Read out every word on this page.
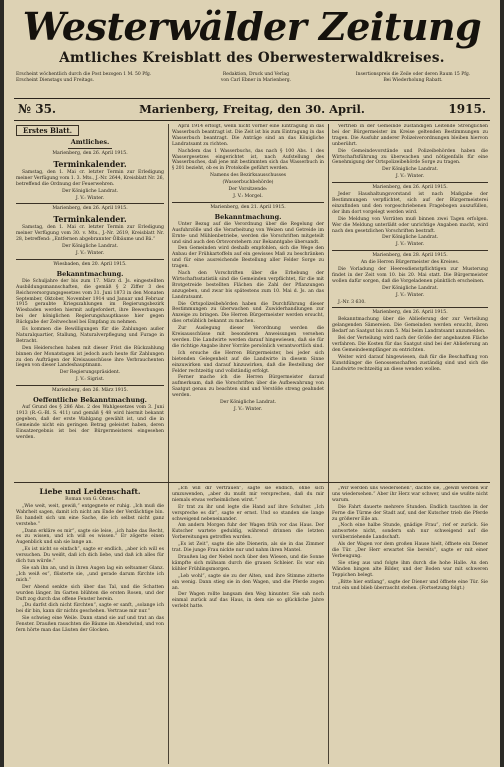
Westerwälder Zeitung
Amtliches Kreisblatt des Oberwesterwaldkreises.
Erscheint wöchentlich durch die Post bezogen 1 M. 50 Pfg.
Erscheint Dienstags und Freitags.
Redaktion, Druck und Verlag
von Carl Ebner in Marienberg.
Insertionspreis die Zeile oder deren Raum 15 Pfg.
Bei Wiederholung Rabatt.
№ 35.	Marienberg, Freitag, den 30. April.	1915.
Erstes Blatt.
Amtliches.

Marienberg, den 26. April 1915.

Terminkalender.

Samstag, den 1. Mai cr. letzter Termin zur Erledigung meiner Verfügung vom 1. 3. Mts., J.-Nr. 2644, Kreisblatt Nr. 26, betreffend die Ordnung der Feuerwehren.

Der Königliche Landrat.

J. V.: Winter.

Marienberg, den 26. April 1915.

Terminkalender.

Samstag, den 1. Mai cr. letzter Termin zur Erledigung meiner Verfügung vom 30. v. Mts., J.-Nr. 2619, Kreisblatt Nr. 28, betreffend: „Entfernen abgebrannter Ölbäume und Bä.“

Der Königliche Landrat.

J. V.: Winter.

Wiesbaden, den 20. April 1915.

Bekanntmachung.

Die Schuljahre der bis zum 17. März d. Js. eingestellten Ausbildungsmannschaften, die gemäß § 2 Ziffer 3 des Reichsversorgungsgesetzes vom 31. Juni 1873 in den Monaten September, Oktober, November 1914 und Januar und Februar 1915 geraubte Kriegszahlungen im Regierungsbezirk Wiesbaden werden hiermit aufgefordert, ihre Bewerbungen bei der königlichen Regierungshauptkasse hier gegen Rückgabe der Zeitwechsel bei Empfang zu nehmen.

Es kommen die Bewilligungen für die Zahlungen außer Naturalquartier, Stallung, Naturalverpflegung und Furage in Betracht.

Den Heiderschen haben mit dieser Frist die Rückzahlung binnen der Monatstagen ist jedoch auch heute für Zahlungen zu den Aufträgen der Kreisausschüsse ihre Verbrauchenten liegen von dieser Landeshauptmann.

Der Regierungspräsident.

J. V.: Sigrist.

Marienberg, den 26. März 1915.

Oeffentliche Bekanntmachung.

Auf Grund des § 286 Abs. 2 des Wahlgesetzes vom 3. Juni 1913 (R.-G.-Bl. S. 411) und gemäß § 48 wird hiermit bekannt gegeben, daß der erste Wahlgang gewählt ist, und die in Gemeinde nicht ein geringen Betrag geleistet haben, deren Einsatzergebnis ist bei der Bürgermeisterei eingesehen werden.

April 1914 erfolgt, wenn nicht vorher eine Eintragung in das Wasserbuch beantragt ist. Die Zeit ist bis zum Eintragung in das Wasserbuch beantragt. Die Anträge sind an das Königliche Landratsamt zu richten.

Nachdem das 1 Wasserbuchs, das nach § 100 Abs. 1 des Wassergesetzes eingerichtet ist, nach Aufstellung des Wasserbuches, daß jene mit bestimmten sich das Wasserbuch in § 201 bezieht, ob es in Protokolle geführt werden.

Namens des Bezirksausschusses

(Wasserbuchbehörde)

Der Vorsitzende:

J. V.: Morgel.

Marienberg, den 21. April 1915.

Bekanntmachung.

Unter Bezug auf die Verordnung über die Regelung der Ausfuhrzölle und die Verarbeitung von Weizen und Getreide im Ernte- und Mühlenbetriebe, werden die Vorschriften mitgeteilt und sind auch den Ortsvorstehern zur Bekanntgabe übersandt.

Den Gemeinden wird deshalb empfohlen, sich die Wege den Anbau der Frühkartoffeln auf ein gewisses Maß zu beschränken und für eine ausreichende Bestellung aller Felder Sorge zu tragen.

Nach den Vorschriften über die Erhebung der Wirtschaftsstatistik sind die Gemeinden verpflichtet, für die mit Brotgetreide bestellten Flächen die Zahl der Pflanzungen anzugeben, und zwar bis spätestens zum 10. Mai d. Js. an das Landratsamt.

Die Ortspolizeibehörden haben die Durchführung dieser Bestimmungen zu überwachen und Zuwiderhandlungen zur Anzeige zu bringen. Die Herren Bürgermeister werden ersucht, dies ortsüblich bekannt zu machen.

Zur Auslegung dieser Verordnung werden die Kreisausschüsse mit besonderen Anweisungen versehen werden. Die Landwirte werden darauf hingewiesen, daß sie für die richtige Angabe ihrer Vorräte persönlich verantwortlich sind.

Ich ersuche die Herren Bürgermeister, bei jeder sich bietenden Gelegenheit auf die Landwirte in diesem Sinne einzuwirken und darauf hinzuwirken, daß die Bestellung der Felder rechtzeitig und vollständig erfolgt.

Ferner mache ich die Herren Bürgermeister darauf aufmerksam, daß die Vorschriften über die Aufbewahrung von Saatgut genau zu beachten sind und Verstöße streng geahndet werden.

Der Königliche Landrat.

J. V.: Winter.

Vertrieb in der Gemeinde zuständigen Leitende Strenglichen bei der Bürgermeister im Kreise geltenden Bestimmungen zu tragen. Die Ausfuhr anderer Polizeiverordnungen bleiben hiervon unberührt.

Die Gemeindevorstände und Polizeibehörden haben die Wirtschaftsführung zu überwachen und nötigenfalls für eine Genehmigung der Ortspolizeibehörde Sorge zu tragen.

Der Königliche Landrat.

J. V.: Winter.

Marienberg, den 26. April 1915.

Jeder Haushaltungsvorstand ist nach Maßgabe der Bestimmungen verpflichtet, sich auf der Bürgermeisterei einzufinden und den vorgeschriebenen Fragebogen auszufüllen, der ihm dort vorgelegt werden wird.

Die Meldung von Vorräten muß binnen zwei Tagen erfolgen. Wer die Meldung unterläßt oder unrichtige Angaben macht, wird nach den gesetzlichen Vorschriften bestraft.

Der Königliche Landrat.

J. V.: Winter.

Marienberg, den 28. April 1915.

An die Herren Bürgermeister des Kreises.

Die Vorladung der Heeresdienstpflichtigen zur Musterung findet in der Zeit vom 10. bis 20. Mai statt. Die Bürgermeister wollen dafür sorgen, daß die Vorgeladenen pünktlich erscheinen.

Der Königliche Landrat.

J. V.: Winter.

J.-Nr. 3 630.

Marienberg, den 26. April 1915.

Bekanntmachung über die Ablieferung der zur Verteilung gelangenden Sämereien. Die Gemeinden werden ersucht, ihren Bedarf an Saatgut bis zum 5. Mai beim Landratsamt anzumelden.

Bei der Verteilung wird nach der Größe der angebauten Fläche verfahren. Die Kosten für das Saatgut sind bei der Ablieferung an den Gemeindeempfänger zu entrichten.

Weiter wird darauf hingewiesen, daß für die Beschaffung von Kunstdünger die Genossenschaften zuständig sind und sich die Landwirte rechtzeitig an diese wenden wollen.

Liebe und Leidenschaft.

Roman von G. Ohnet.

„Wie weit, weit, gewiß,“ entgegnete er ruhig. „Ich muß die Wahrheit sagen, damit ich nicht am Ende der Verdächtige bin. Es handelt sich um eine Sache, die ich selbst nicht ganz verstehe.“

„Dann erkläre es mir“, sagte sie leise, „ich habe das Recht, es zu wissen, und ich will es wissen.“ Er zögerte einen Augenblick und sah sie lange an.

„Es ist nicht so einfach“, sagte er endlich, „aber ich will es versuchen. Du weißt, daß ich dich liebe, und daß ich alles für dich tun würde.“

Sie sah ihn an, und in ihren Augen lag ein seltsamer Glanz. „Ich weiß es“, flüsterte sie, „und gerade darum fürchte ich mich.“

Der Abend senkte sich über das Tal, und die Schatten wurden länger. Im Garten blühten die ersten Rosen, und der Duft zog durch das offene Fenster herein.

„Du darfst dich nicht fürchten“, sagte er sanft, „solange ich bei dir bin, kann dir nichts geschehen. Vertraue mir nur.“

Sie schwieg eine Weile. Dann stand sie auf und trat an das Fenster. Draußen rauschten die Bäume im Abendwind, und von fern hörte man das Läuten der Glocken.

„Ich will dir vertrauen“, sagte sie endlich, ohne sich umzuwenden, „aber du mußt mir versprechen, daß du mir niemals etwas verheimlichen wirst.“

Er trat zu ihr und legte die Hand auf ihre Schulter. „Ich verspreche es dir“, sagte er ernst. Und so standen sie lange schweigend nebeneinander.

Am andern Morgen fuhr der Wagen früh vor das Haus. Der Kutscher wartete geduldig, während drinnen die letzten Vorbereitungen getroffen wurden.

„Es ist Zeit“, sagte die alte Dienerin, als sie in das Zimmer trat. Die junge Frau nickte nur und nahm ihren Mantel.

Draußen lag der Nebel noch über den Wiesen, und die Sonne kämpfte sich mühsam durch die grauen Schleier. Es war ein kühler Frühlingsmorgen.

„Leb wohl“, sagte sie zu der Alten, und ihre Stimme zitterte ein wenig. Dann stieg sie in den Wagen, und die Pferde zogen an.

Der Wagen rollte langsam den Weg hinunter. Sie sah noch einmal zurück auf das Haus, in dem sie so glückliche Jahre verlebt hatte.

„Wir werden uns wiedersehen“, dachte sie, „gewiß werden wir uns wiedersehen.“ Aber ihr Herz war schwer, und sie wußte nicht warum.

Die Fahrt dauerte mehrere Stunden. Endlich tauchten in der Ferne die Türme der Stadt auf, und der Kutscher trieb die Pferde zu größerer Eile an.

„Noch eine halbe Stunde, gnädige Frau“, rief er zurück. Sie antwortete nicht, sondern sah nur schweigend auf die vorüberziehende Landschaft.

Als der Wagen vor dem großen Hause hielt, öffnete ein Diener die Tür. „Der Herr erwartet Sie bereits“, sagte er mit einer Verbeugung.

Sie stieg aus und folgte ihm durch die hohe Halle. An den Wänden hingen alte Bilder, und der Boden war mit schweren Teppichen belegt.

„Bitte hier entlang“, sagte der Diener und öffnete eine Tür. Sie trat ein und blieb überrascht stehen. (Fortsetzung folgt.)
